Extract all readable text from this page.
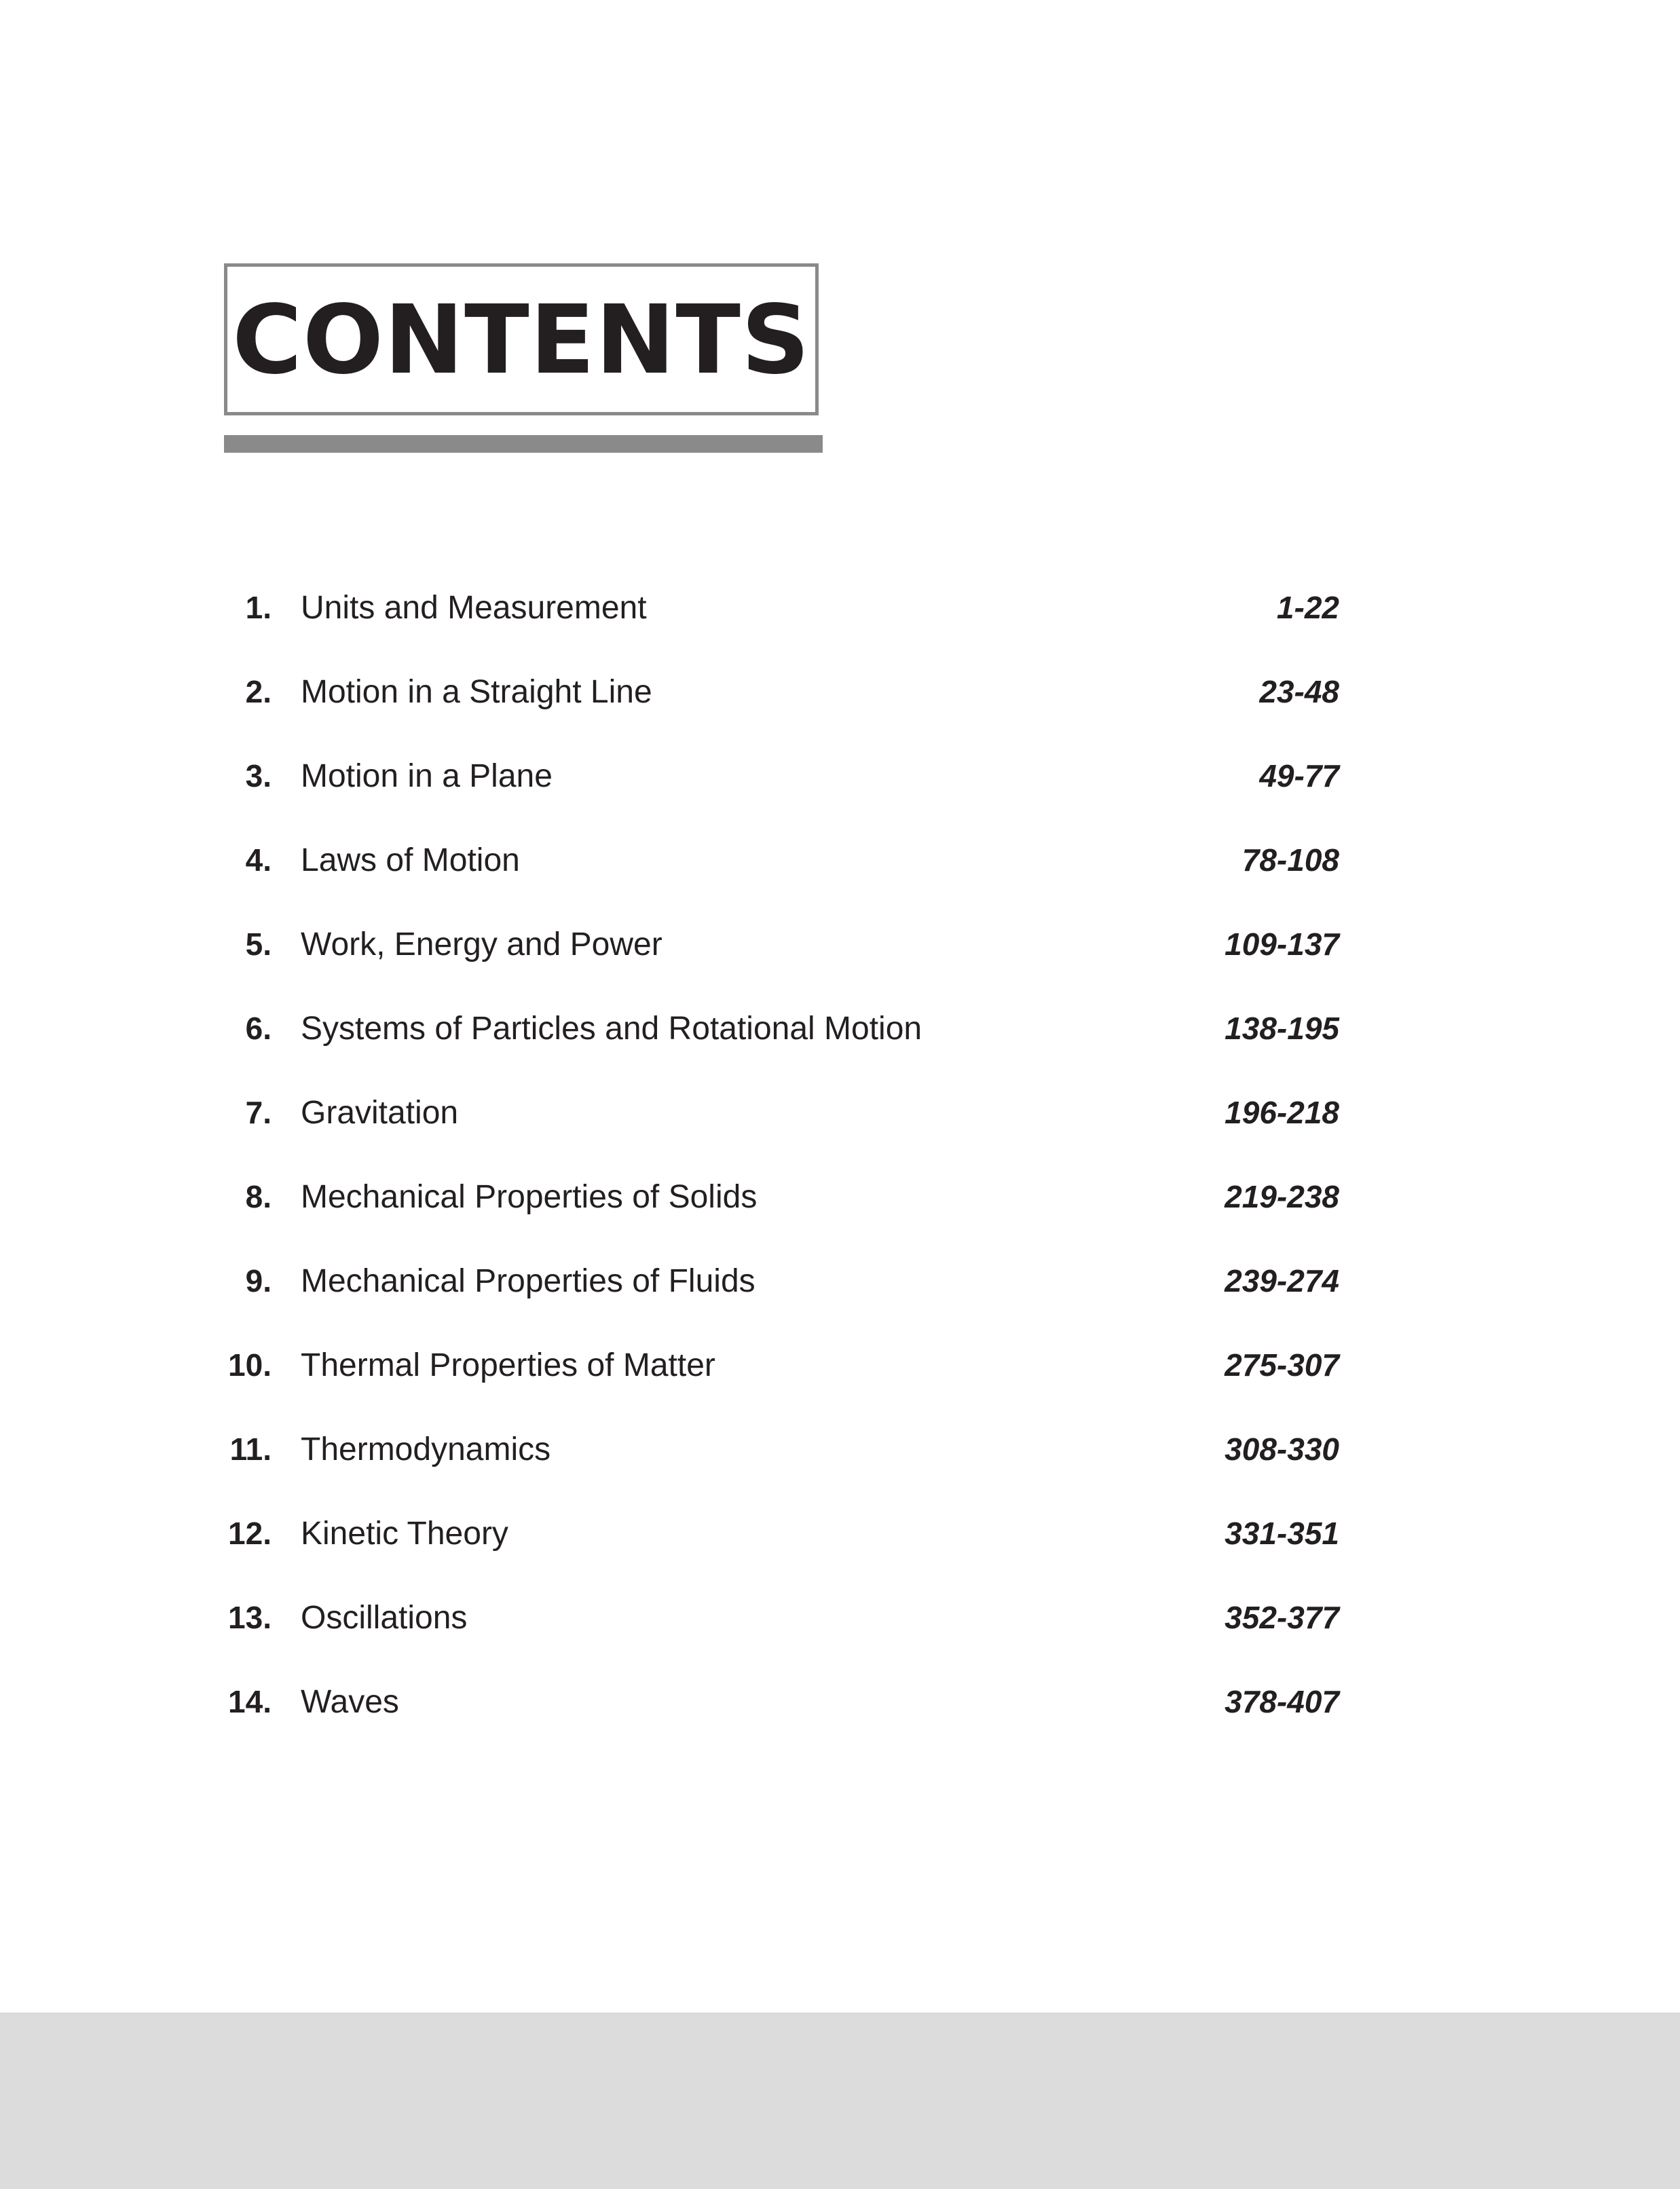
CONTENTS
1. Units and Measurement	1-22
2. Motion in a Straight Line	23-48
3. Motion in a Plane	49-77
4. Laws of Motion	78-108
5. Work, Energy and Power	109-137
6. Systems of Particles and Rotational Motion	138-195
7. Gravitation	196-218
8. Mechanical Properties of Solids	219-238
9. Mechanical Properties of Fluids	239-274
10. Thermal Properties of Matter	275-307
11. Thermodynamics	308-330
12. Kinetic Theory	331-351
13. Oscillations	352-377
14. Waves	378-407
